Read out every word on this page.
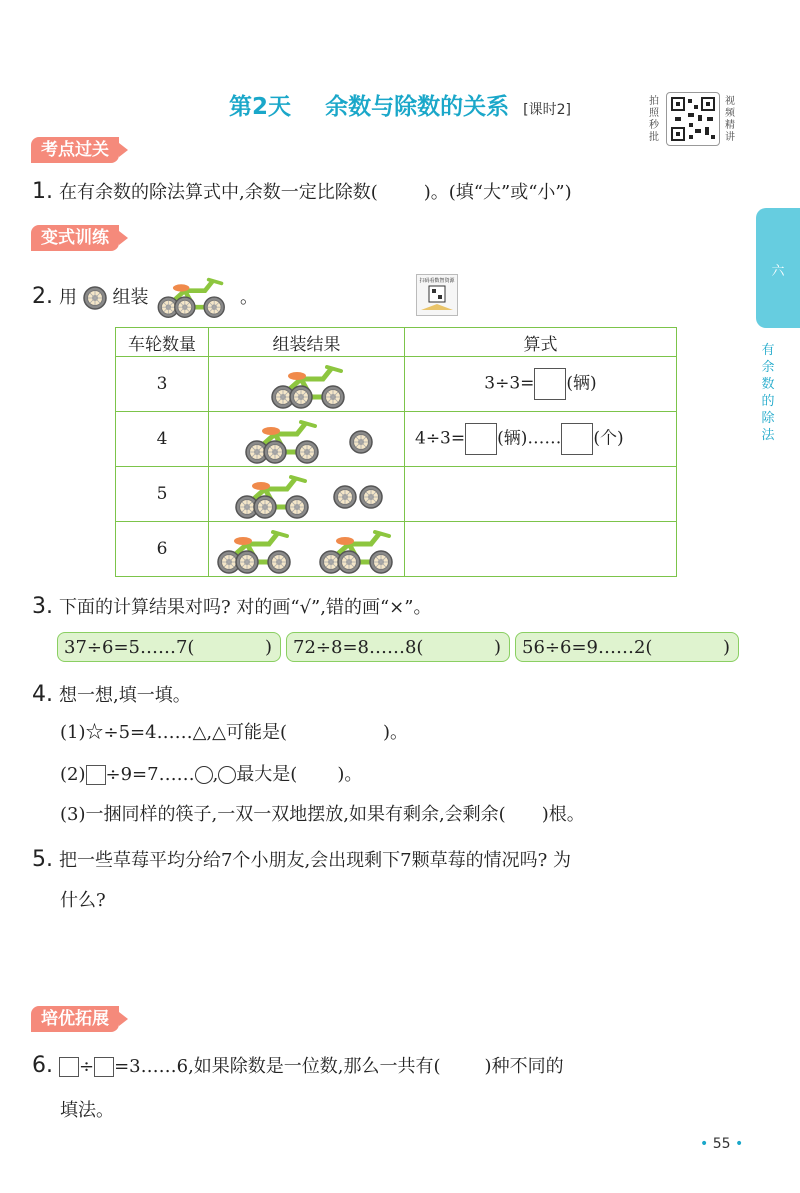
第2天 余数与除数的关系 [课时2]
拍
照
秒
批
视
频
精
讲
六
有
余
数
的
除
法
考点过关
1. 在有余数的除法算式中,余数一定比除数(	)。(填“大”或“小”)
变式训练
2. 用 组装	。
扫码看数智资源
车轮数量	组装结果	算式
3		3÷3= (辆)
4		4÷3= (辆)…… (个)
5	

6	

3. 下面的计算结果对吗? 对的画“√”,错的画“×”。
37÷6=5……7(	)	72÷8=8……8(	)	56÷6=9……2(	)
4. 想一想,填一填。
(1)☆÷5=4……△,△可能是(	)。
(2) ÷9=7…… , 最大是( )。
(3)一捆同样的筷子,一双一双地摆放,如果有剩余,会剩余( )根。
5. 把一些草莓平均分给7个小朋友,会出现剩下7颗草莓的情况吗? 为
什么?
培优拓展
6. ÷ =3……6,如果除数是一位数,那么一共有( )种不同的
填法。
• 55 •
